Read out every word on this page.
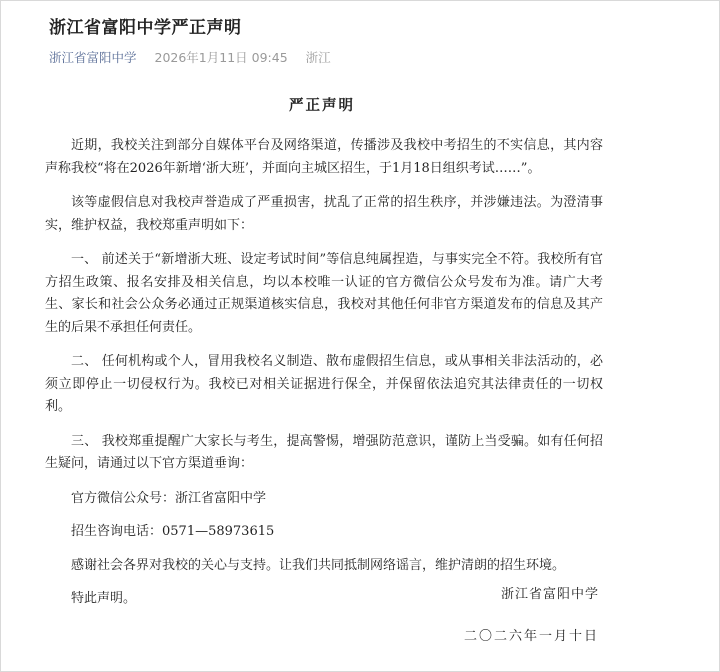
浙江省富阳中学严正声明
浙江省富阳中学 2026年1月11日 09:45 浙江
严正声明

近期，我校关注到部分自媒体平台及网络渠道，传播涉及我校中考招生的不实信息，其内容声称我校“将在2026年新增‘浙大班’，并面向主城区招生，于1月18日组织考试……”。

该等虚假信息对我校声誉造成了严重损害，扰乱了正常的招生秩序，并涉嫌违法。为澄清事实，维护权益，我校郑重声明如下：

一、 前述关于“新增浙大班、设定考试时间”等信息纯属捏造，与事实完全不符。我校所有官方招生政策、报名安排及相关信息，均以本校唯一认证的官方微信公众号发布为准。请广大考生、家长和社会公众务必通过正规渠道核实信息，我校对其他任何非官方渠道发布的信息及其产生的后果不承担任何责任。

二、 任何机构或个人，冒用我校名义制造、散布虚假招生信息，或从事相关非法活动的，必须立即停止一切侵权行为。我校已对相关证据进行保全，并保留依法追究其法律责任的一切权利。

三、 我校郑重提醒广大家长与考生，提高警惕，增强防范意识，谨防上当受骗。如有任何招生疑问，请通过以下官方渠道垂询：

官方微信公众号：浙江省富阳中学

招生咨询电话：0571—58973615

感谢社会各界对我校的关心与支持。让我们共同抵制网络谣言，维护清朗的招生环境。

特此声明。	浙江省富阳中学
二〇二六年一月十日
